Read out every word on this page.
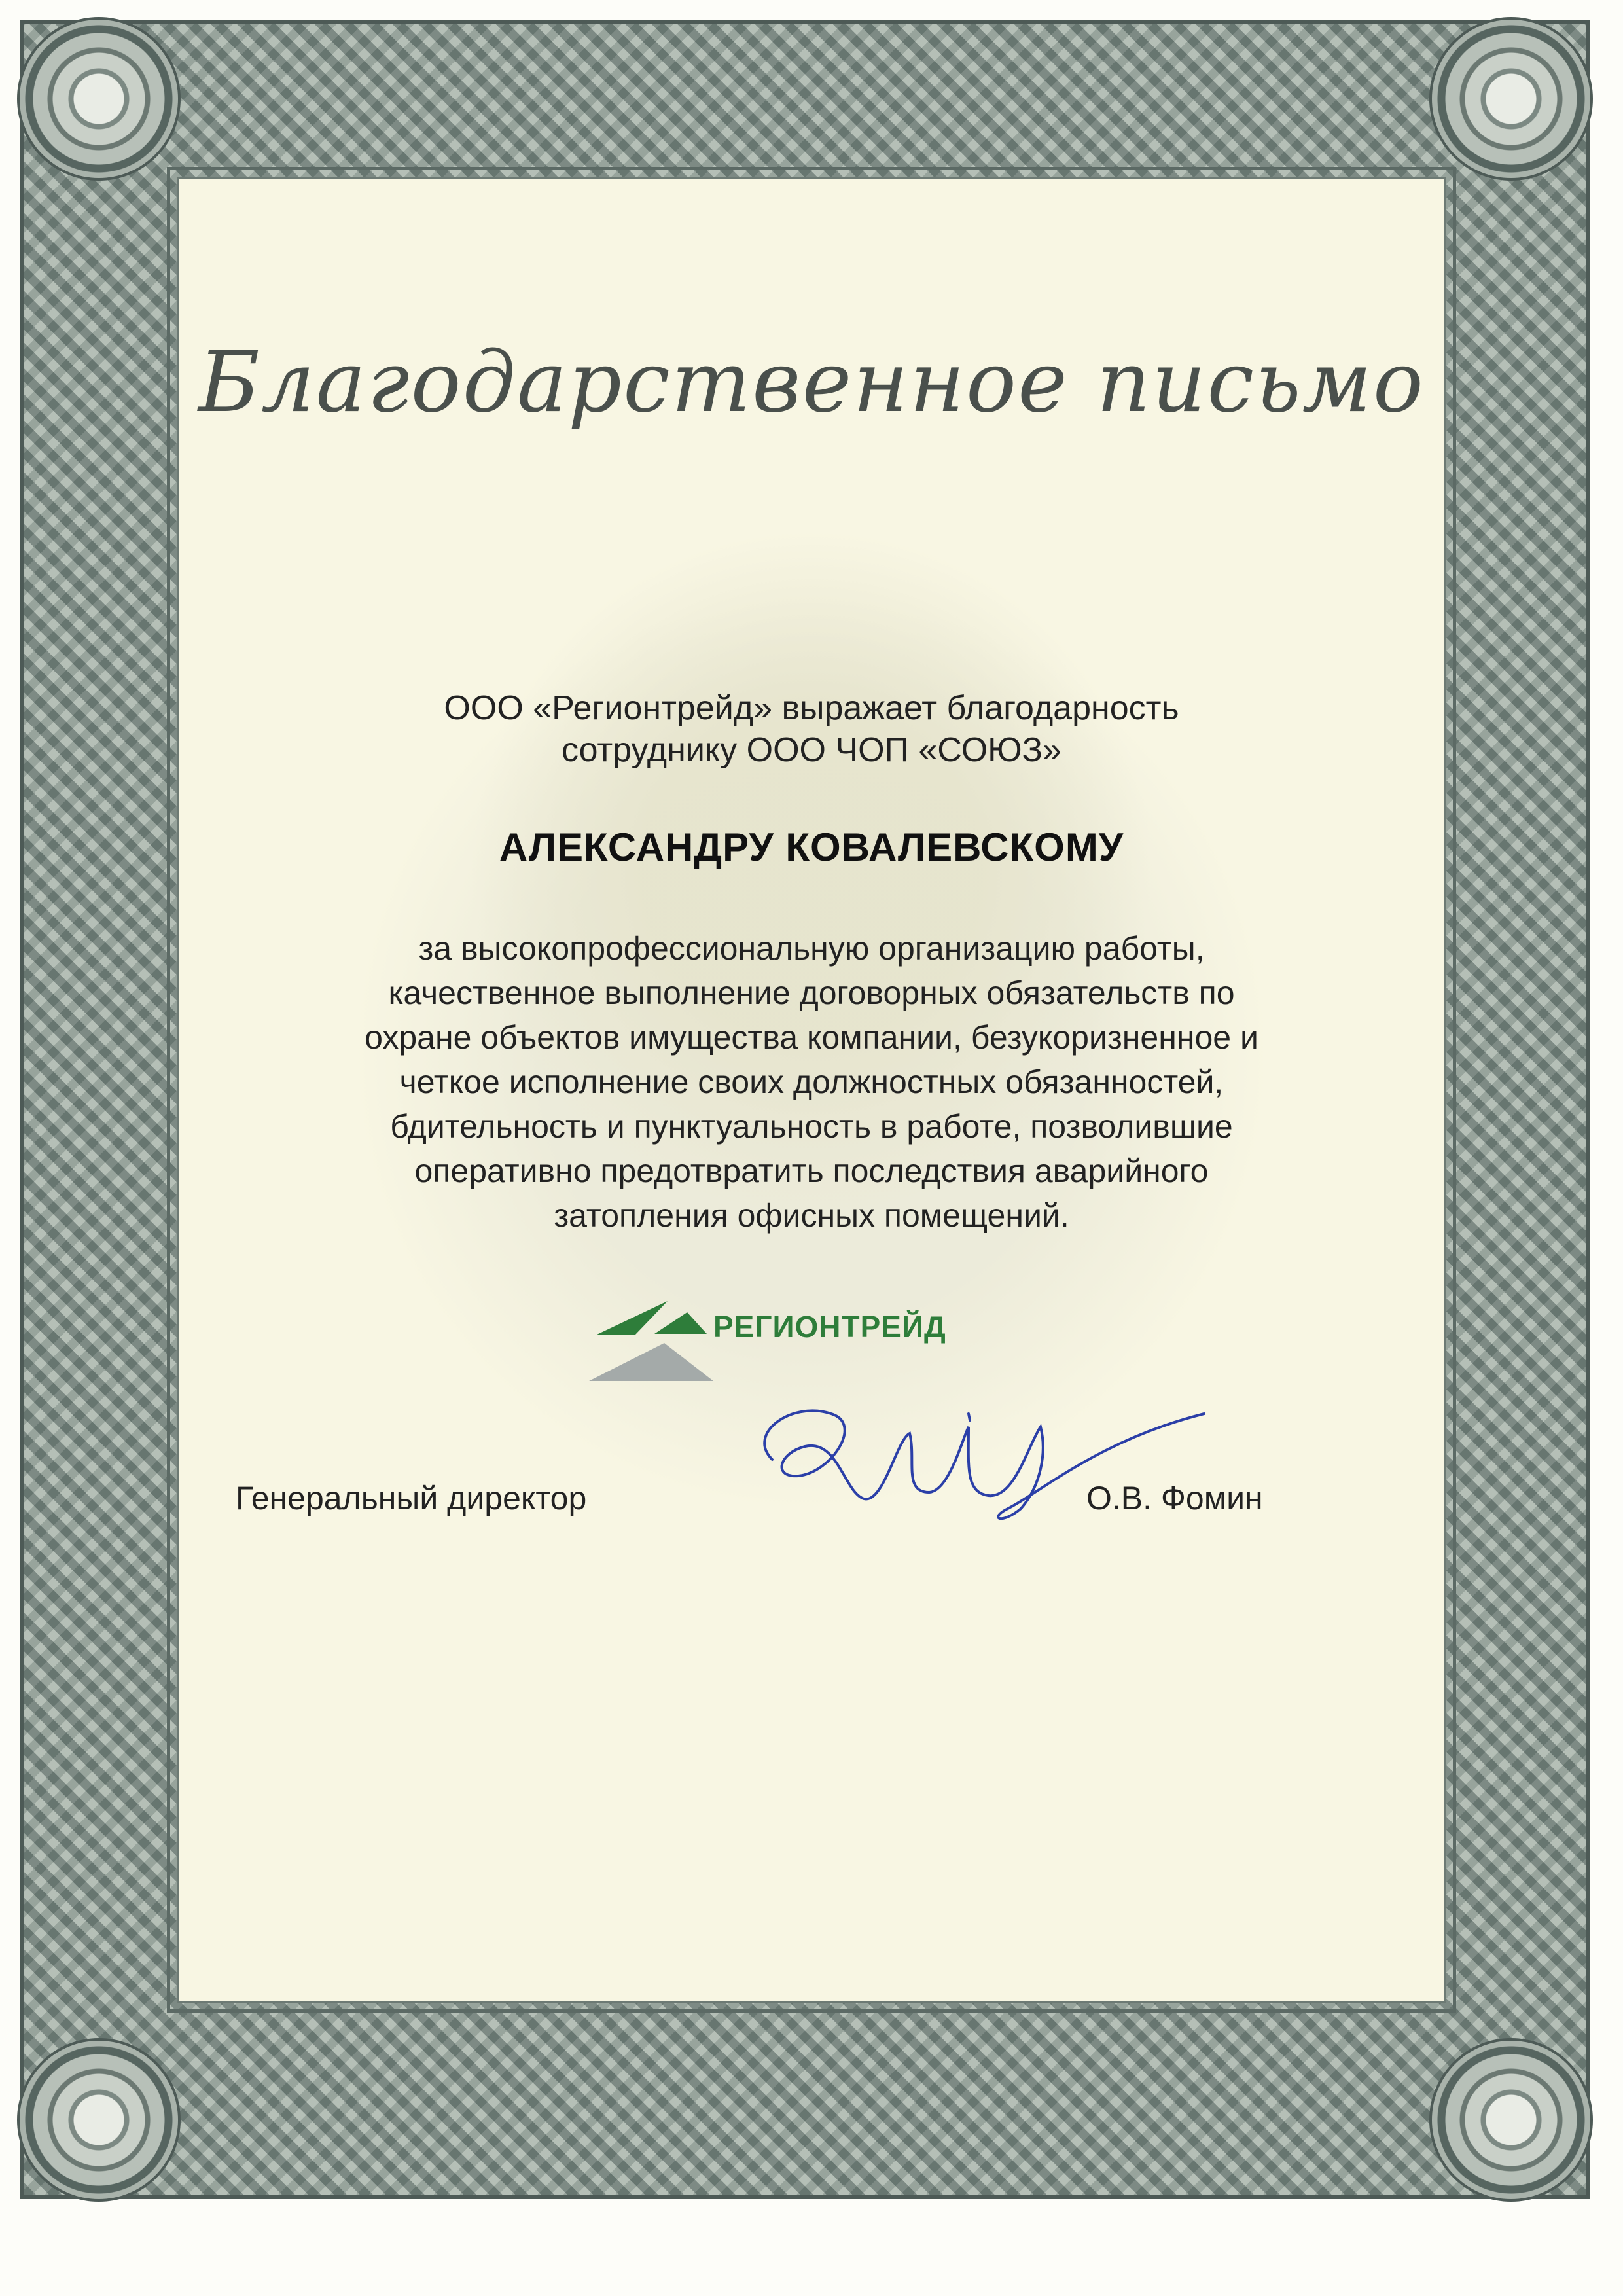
Благодарственное письмо
ООО «Регионтрейд» выражает благодарность
сотруднику ООО ЧОП «СОЮЗ»
АЛЕКСАНДРУ КОВАЛЕВСКОМУ
за высокопрофессиональную организацию работы,
качественное выполнение договорных обязательств по
охране объектов имущества компании, безукоризненное и
четкое исполнение своих должностных обязанностей,
бдительность и пунктуальность в работе, позволившие
оперативно предотвратить последствия аварийного
затопления офисных помещений.
РЕГИОНТРЕЙД
Генеральный директор	О.В. Фомин
